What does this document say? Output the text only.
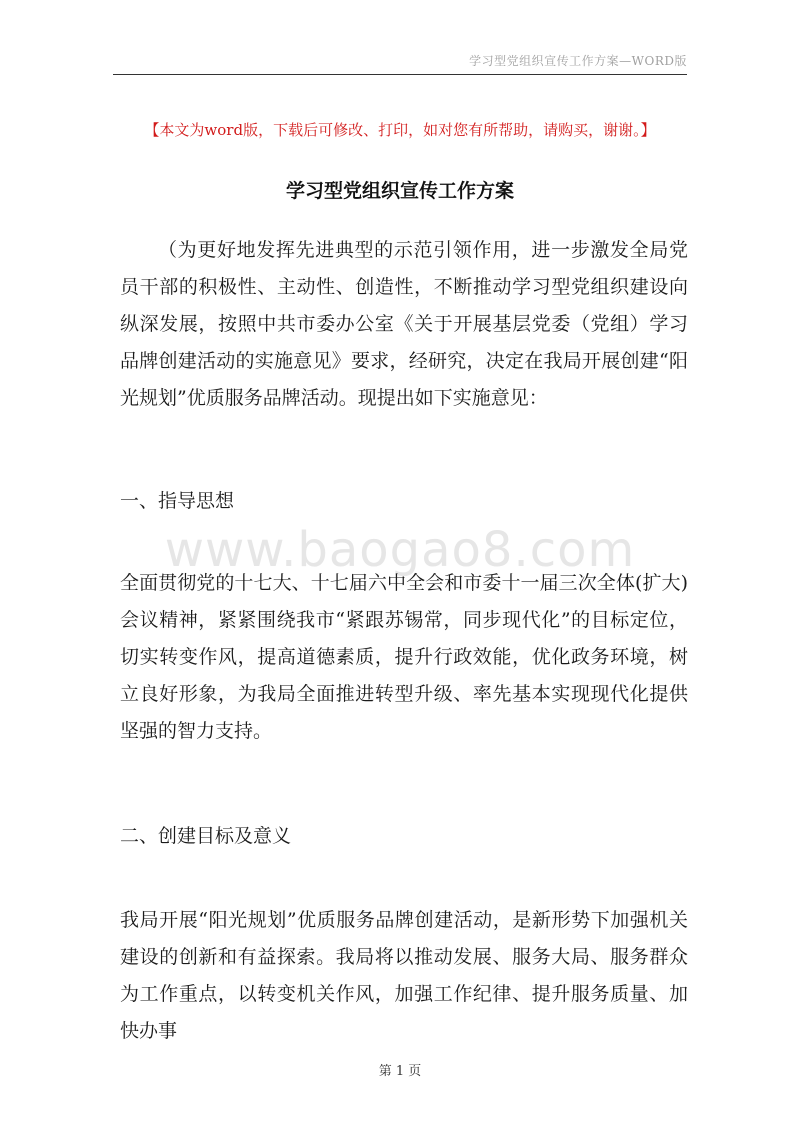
学习型党组织宣传工作方案—WORD版
【本文为word版，下载后可修改、打印，如对您有所帮助，请购买，谢谢。】
学习型党组织宣传工作方案

（为更好地发挥先进典型的示范引领作用，进一步激发全局党员干部的积极性、主动性、创造性，不断推动学习型党组织建设向纵深发展，按照中共市委办公室《关于开展基层党委（党组）学习品牌创建活动的实施意见》要求，经研究，决定在我局开展创建“阳光规划”优质服务品牌活动。现提出如下实施意见：

一、指导思想
www.baogao8.com

全面贯彻党的十七大、十七届六中全会和市委十一届三次全体(扩大)会议精神，紧紧围绕我市“紧跟苏锡常，同步现代化”的目标定位，切实转变作风，提高道德素质，提升行政效能，优化政务环境，树立良好形象，为我局全面推进转型升级、率先基本实现现代化提供坚强的智力支持。

二、创建目标及意义

我局开展“阳光规划”优质服务品牌创建活动，是新形势下加强机关建设的创新和有益探索。我局将以推动发展、服务大局、服务群众为工作重点，以转变机关作风，加强工作纪律、提升服务质量、加快办事

第 1 页
